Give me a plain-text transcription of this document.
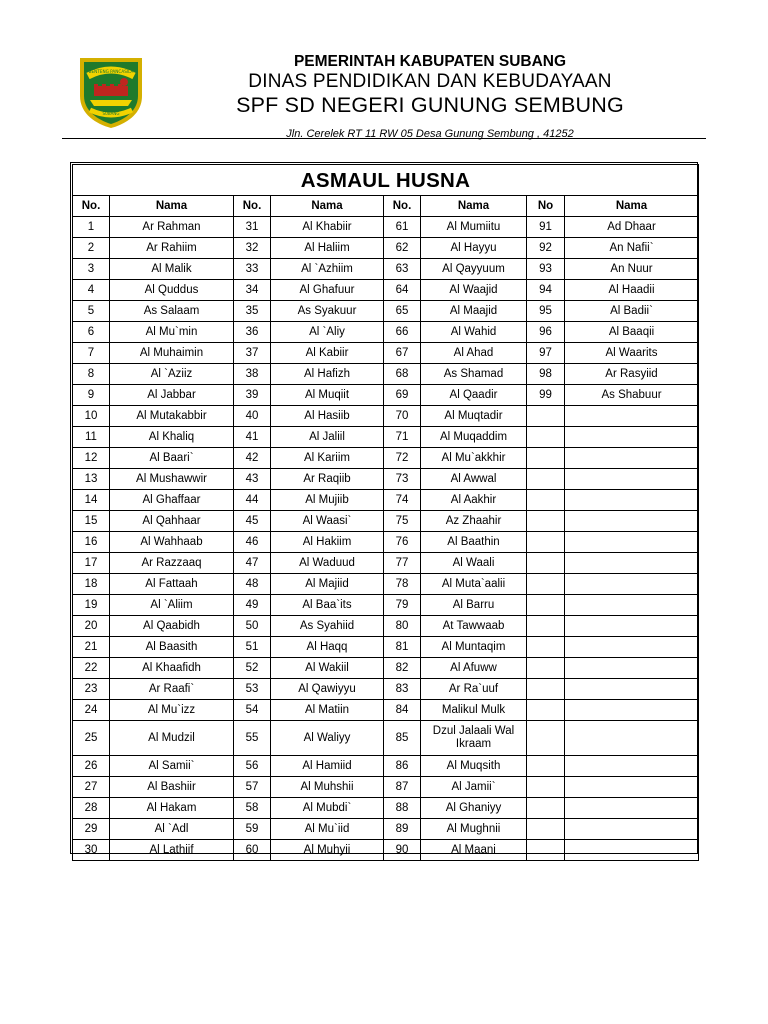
BENTENG PANCASILA
SUBANG
PEMERINTAH KABUPATEN SUBANG
DINAS PENDIDIKAN DAN KEBUDAYAAN
SPF SD NEGERI GUNUNG SEMBUNG
Jln. Cerelek RT 11 RW 05 Desa Gunung Sembung , 41252
ASMAUL HUSNA							
No.	Nama	No.	Nama	No.	Nama	No	Nama
1	Ar Rahman	31	Al Khabiir	61	Al Mumiitu	91	Ad Dhaar
2	Ar Rahiim	32	Al Haliim	62	Al Hayyu	92	An Nafii`
3	Al Malik	33	Al `Azhiim	63	Al Qayyuum	93	An Nuur
4	Al Quddus	34	Al Ghafuur	64	Al Waajid	94	Al Haadii
5	As Salaam	35	As Syakuur	65	Al Maajid	95	Al Badii`
6	Al Mu`min	36	Al `Aliy	66	Al Wahid	96	Al Baaqii
7	Al Muhaimin	37	Al Kabiir	67	Al Ahad	97	Al Waarits
8	Al `Aziiz	38	Al Hafizh	68	As Shamad	98	Ar Rasyiid
9	Al Jabbar	39	Al Muqiit	69	Al Qaadir	99	As Shabuur
10	Al Mutakabbir	40	Al Hasiib	70	Al Muqtadir		
11	Al Khaliq	41	Al Jaliil	71	Al Muqaddim		
12	Al Baari`	42	Al Kariim	72	Al Mu`akkhir		
13	Al Mushawwir	43	Ar Raqiib	73	Al Awwal		
14	Al Ghaffaar	44	Al Mujiib	74	Al Aakhir		
15	Al Qahhaar	45	Al Waasi`	75	Az Zhaahir		
16	Al Wahhaab	46	Al Hakiim	76	Al Baathin		
17	Ar Razzaaq	47	Al Waduud	77	Al Waali		
18	Al Fattaah	48	Al Majiid	78	Al Muta`aalii		
19	Al `Aliim	49	Al Baa`its	79	Al Barru		
20	Al Qaabidh	50	As Syahiid	80	At Tawwaab		
21	Al Baasith	51	Al Haqq	81	Al Muntaqim		
22	Al Khaafidh	52	Al Wakiil	82	Al Afuww		
23	Ar Raafi`	53	Al Qawiyyu	83	Ar Ra`uuf		
24	Al Mu`izz	54	Al Matiin	84	Malikul Mulk		
25	Al Mudzil	55	Al Waliyy	85	Dzul Jalaali Wal Ikraam		
26	Al Samii`	56	Al Hamiid	86	Al Muqsith		
27	Al Bashiir	57	Al Muhshii	87	Al Jamii`		
28	Al Hakam	58	Al Mubdi`	88	Al Ghaniyy		
29	Al `Adl	59	Al Mu`iid	89	Al Mughnii		
30	Al Lathiif	60	Al Muhyii	90	Al Maani		
